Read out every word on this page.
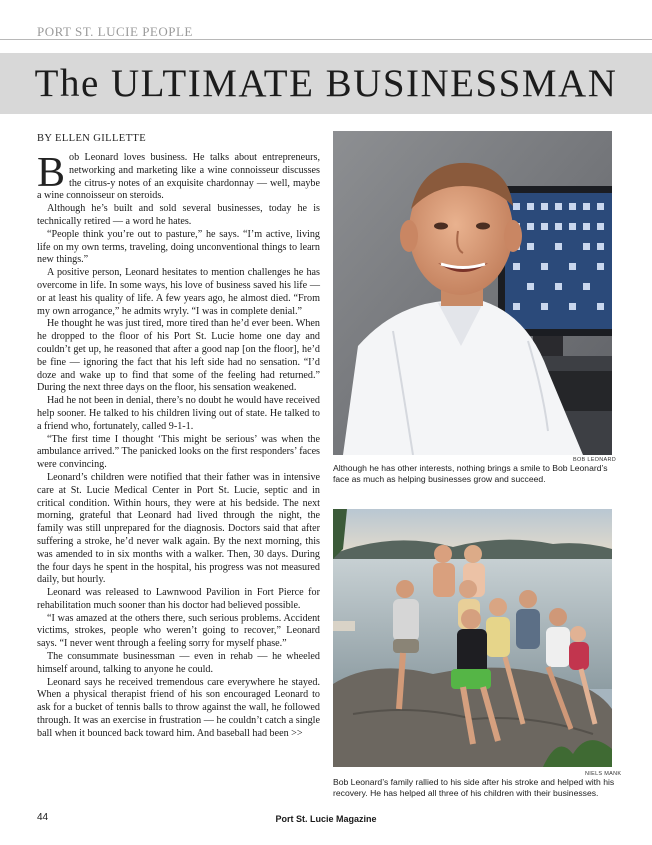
PORT ST. LUCIE PEOPLE
The ULTIMATE BUSINESSMAN
BY ELLEN GILLETTE

Bob Leonard loves business. He talks about entrepreneurs, networking and marketing like a wine connoisseur discusses the citrus-y notes of an exquisite chardonnay — well, maybe a wine connoisseur on steroids.

Although he’s built and sold several businesses, today he is technically retired — a word he hates.

“People think you’re out to pasture,” he says. “I’m active, living life on my own terms, traveling, doing unconventional things to learn new things.”

A positive person, Leonard hesitates to mention challenges he has overcome in life. In some ways, his love of business saved his life — or at least his quality of life. A few years ago, he almost died. “From my own arrogance,” he admits wryly. “I was in complete denial.”

He thought he was just tired, more tired than he’d ever been. When he dropped to the floor of his Port St. Lucie home one day and couldn’t get up, he reasoned that after a good nap [on the floor], he’d be fine — ignoring the fact that his left side had no sensation. “I’d doze and wake up to find that some of the feeling had returned.” During the next three days on the floor, his sensation weakened.

Had he not been in denial, there’s no doubt he would have received help sooner. He talked to his children living out of state. He talked to a friend who, fortunately, called 9-1-1.

“The first time I thought ‘This might be serious’ was when the ambulance arrived.” The panicked looks on the first responders’ faces were convincing.

Leonard’s children were notified that their father was in intensive care at St. Lucie Medical Center in Port St. Lucie, septic and in critical condition. Within hours, they were at his bedside. The next morning, grateful that Leonard had lived through the night, the family was still unprepared for the diagnosis. Doctors said that after suffering a stroke, he’d never walk again. By the next morning, this was amended to in six months with a walker. Then, 30 days. During the four days he spent in the hospital, his progress was not measured daily, but hourly.

Leonard was released to Lawnwood Pavilion in Fort Pierce for rehabilitation much sooner than his doctor had believed possible.

“I was amazed at the others there, such serious problems. Accident victims, strokes, people who weren’t going to recover,” Leonard says. “I never went through a feeling sorry for myself phase.”

The consummate businessman — even in rehab — he wheeled himself around, talking to anyone he could.

Leonard says he received tremendous care everywhere he stayed. When a physical therapist friend of his son encouraged Leonard to ask for a bucket of tennis balls to throw against the wall, he followed through. It was an exercise in frustration — he couldn’t catch a single ball when it bounced back toward him. And baseball had been >>

BOB LEONARD
Although he has other interests, nothing brings a smile to Bob Leonard’s face as much as helping businesses grow and succeed.
NIELS MANK
Bob Leonard’s family rallied to his side after his stroke and helped with his recovery. He has helped all three of his children with their businesses.
44	Port St. Lucie Magazine
